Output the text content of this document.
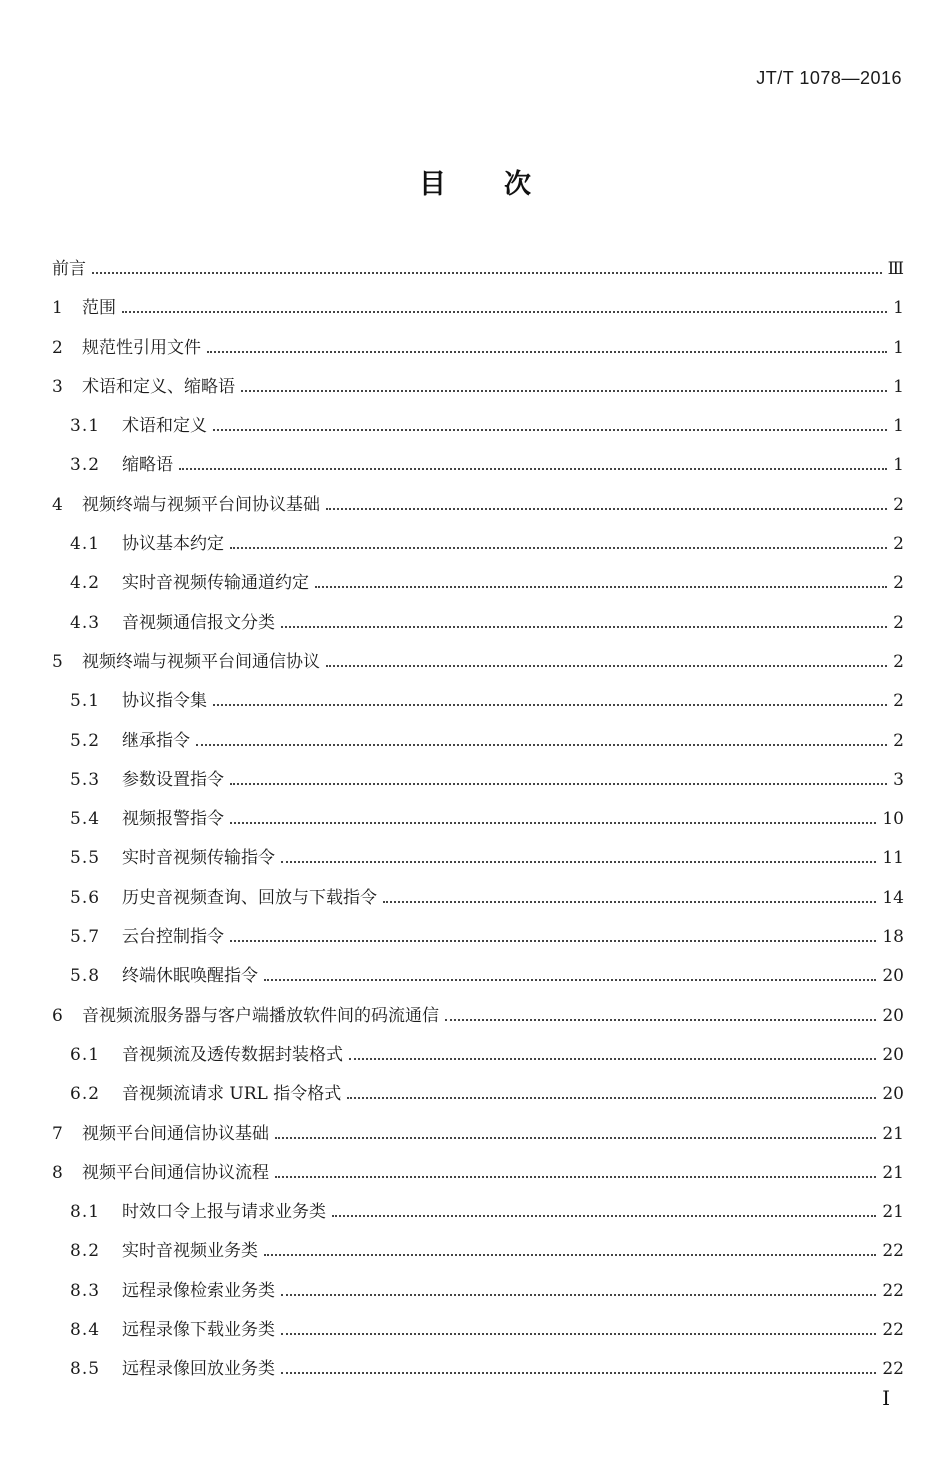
JT/T 1078—2016
目次
前言	Ⅲ
1	范围	1
2	规范性引用文件	1
3	术语和定义、缩略语	1
3.1	术语和定义	1
3.2	缩略语	1
4	视频终端与视频平台间协议基础	2
4.1	协议基本约定	2
4.2	实时音视频传输通道约定	2
4.3	音视频通信报文分类	2
5	视频终端与视频平台间通信协议	2
5.1	协议指令集	2
5.2	继承指令	2
5.3	参数设置指令	3
5.4	视频报警指令	10
5.5	实时音视频传输指令	11
5.6	历史音视频查询、回放与下载指令	14
5.7	云台控制指令	18
5.8	终端休眠唤醒指令	20
6	音视频流服务器与客户端播放软件间的码流通信	20
6.1	音视频流及透传数据封装格式	20
6.2	音视频流请求 URL 指令格式	20
7	视频平台间通信协议基础	21
8	视频平台间通信协议流程	21
8.1	时效口令上报与请求业务类	21
8.2	实时音视频业务类	22
8.3	远程录像检索业务类	22
8.4	远程录像下载业务类	22
8.5	远程录像回放业务类	22
I
